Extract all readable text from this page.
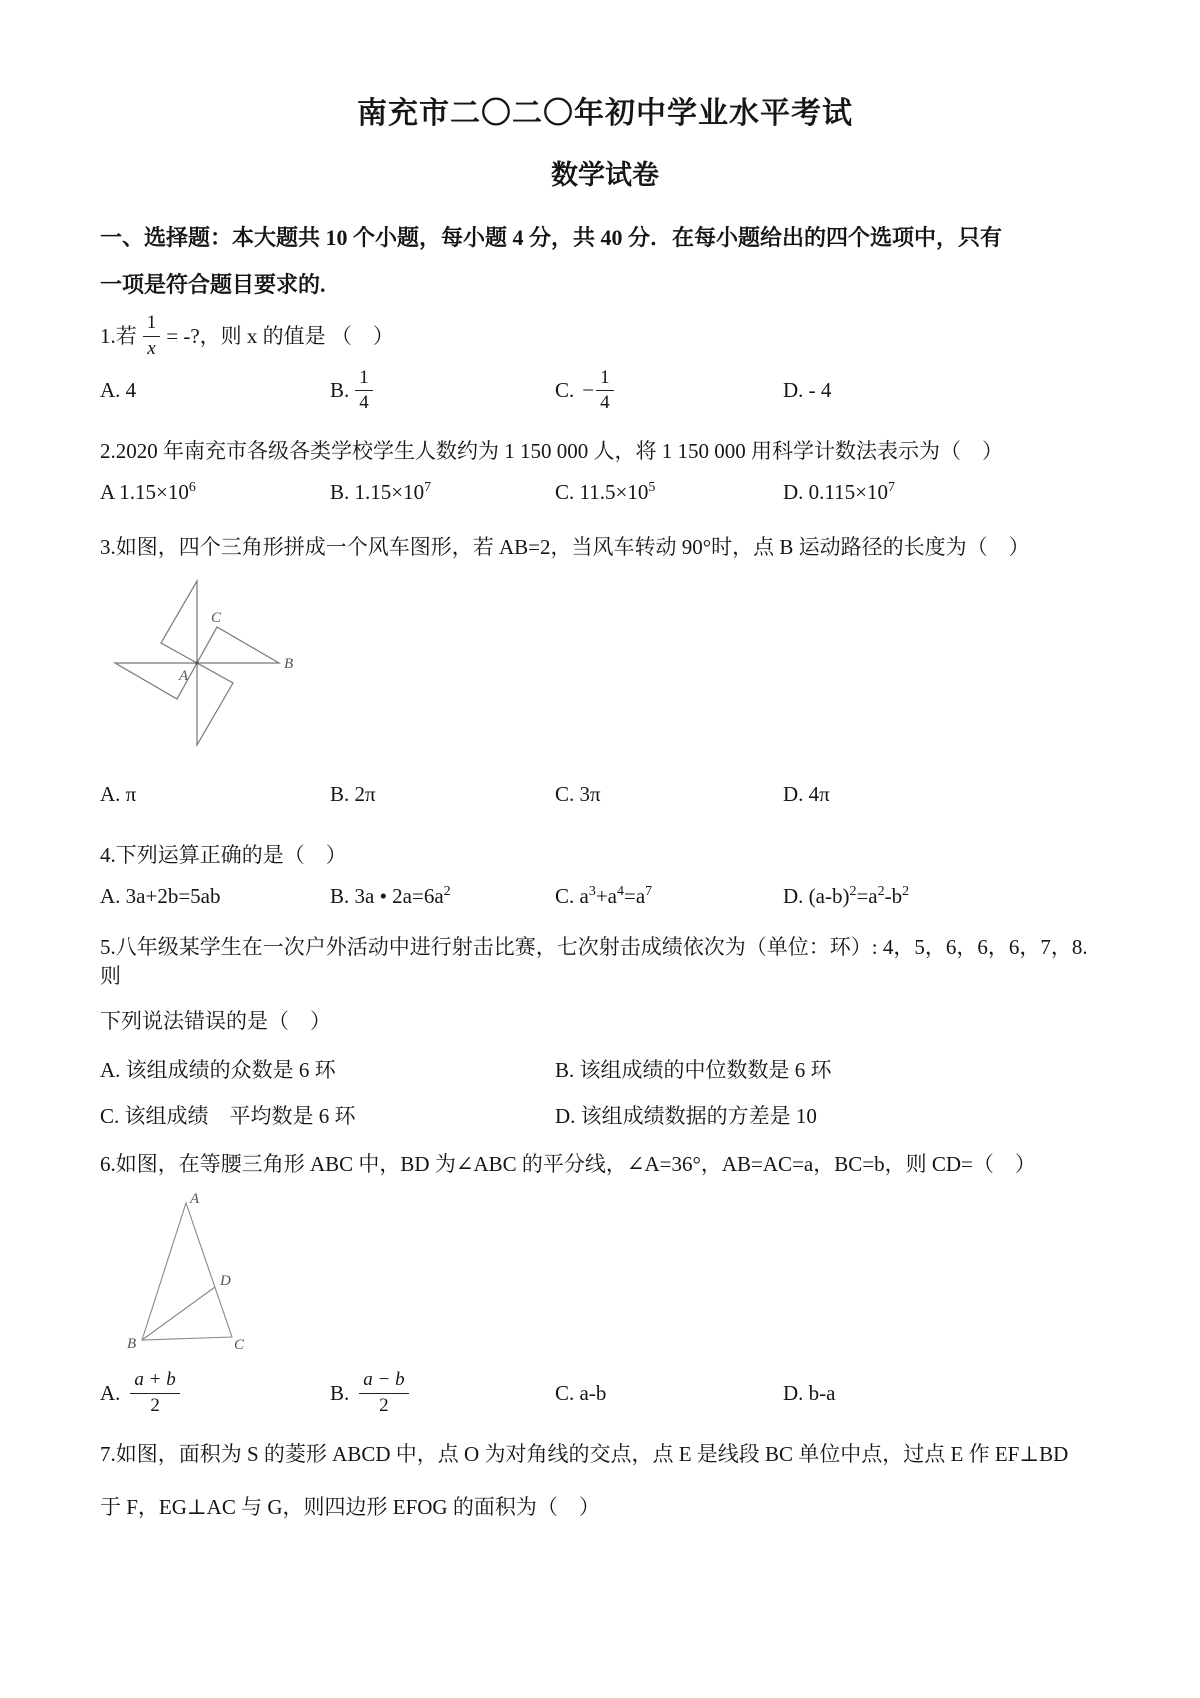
南充市二〇二〇年初中学业水平考试
数学试卷
一、选择题：本大题共 10 个小题，每小题 4 分，共 40 分．在每小题给出的四个选项中，只有
一项是符合题目要求的.
1.若 $\frac{1}{x}$ = -?，则 x 的值是 （　）
A. 4	B. $\frac{1}{4}$	C. − $\frac{1}{4}$	D. - 4
2.2020 年南充市各级各类学校学生人数约为 1 150 000 人，将 1 150 000 用科学计数法表示为（　）
A $1.15\times 10^6$	B. $1.15\times 10^7$	C. $11.5\times 10^5$	D. $0.115\times 10^7$
3.如图，四个三角形拼成一个风车图形，若 AB=2，当风车转动 90°时，点 B 运动路径的长度为（　）
A
B
C
A. π	B. 2π	C. 3π	D. 4π
4.下列运算正确的是（　）
A. 3a+2b=5ab	B. 3a • $2a=6a^2$	C. $a^3+a^4=a^7$	D. $(a-b)^2=a^2-b^2$
5.八年级某学生在一次户外活动中进行射击比赛，七次射击成绩依次为（单位：环）: 4，5，6，6，6，7，8. 则
下列说法错误的是（　）
A. 该组成绩的众数是 6 环	B. 该组成绩的中位数数是 6 环
C. 该组成绩　平均数是 6 环	D. 该组成绩数据的方差是 10
6.如图，在等腰三角形 ABC 中，BD 为∠ABC 的平分线，∠A=36°，AB=AC=a，BC=b，则 CD=（　）
A
B	C
D
A. $\frac{a + b}{2}$	B. $\frac{a - b}{2}$	C. a-b	D. b-a
7.如图，面积为 S 的菱形 ABCD 中，点 O 为对角线的交点，点 E 是线段 BC 单位中点，过点 E 作 EF⊥BD
于 F，EG⊥AC 与 G，则四边形 EFOG 的面积为（　）
